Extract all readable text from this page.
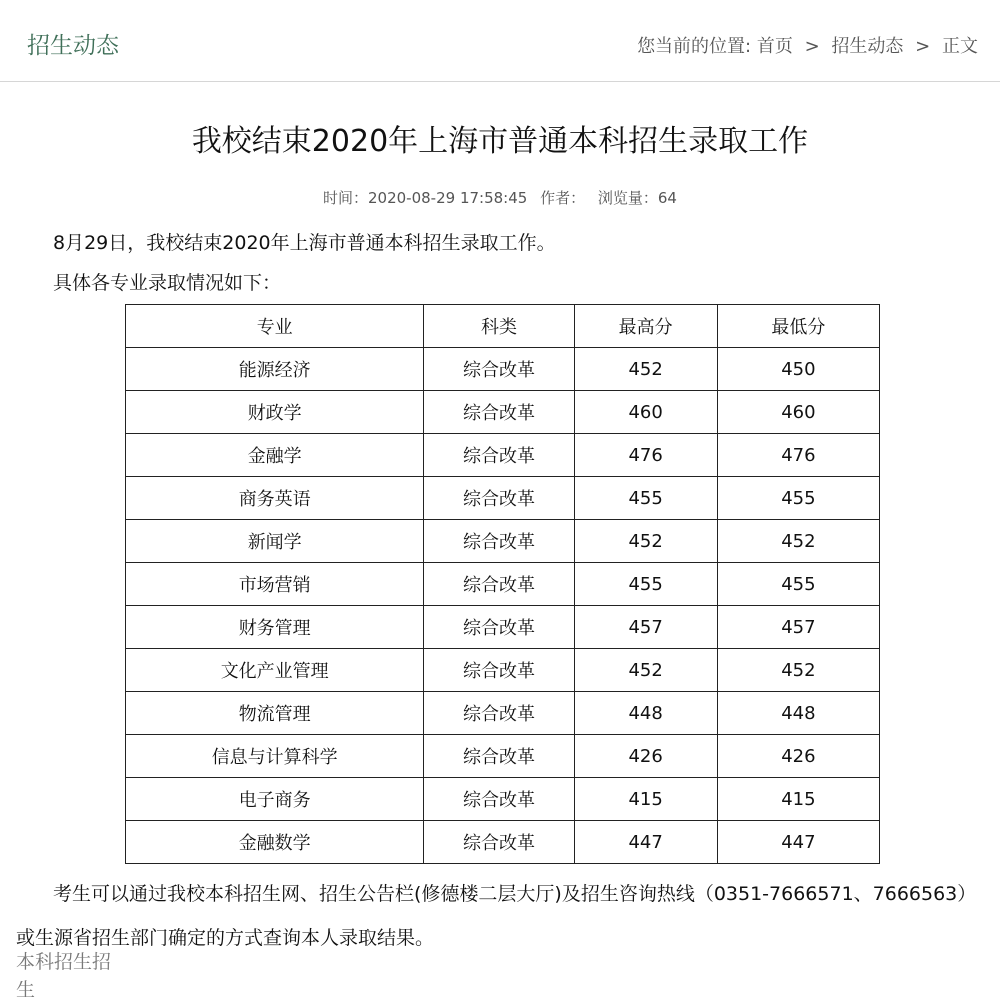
招生动态	您当前的位置: 首页 > 招生动态 > 正文
我校结束2020年上海市普通本科招生录取工作
时间：2020-08-29 17:58:45 作者： 浏览量：64
8月29日，我校结束2020年上海市普通本科招生录取工作。
具体各专业录取情况如下：
专业	科类	最高分	最低分
能源经济	综合改革	452	450
财政学	综合改革	460	460
金融学	综合改革	476	476
商务英语	综合改革	455	455
新闻学	综合改革	452	452
市场营销	综合改革	455	455
财务管理	综合改革	457	457
文化产业管理	综合改革	452	452
物流管理	综合改革	448	448
信息与计算科学	综合改革	426	426
电子商务	综合改革	415	415
金融数学	综合改革	447	447
考生可以通过我校本科招生网、招生公告栏(修德楼二层大厅)及招生咨询热线（0351-7666571、7666563）或生源省招生部门确定的方式查询本人录取结果。
本科招生招生
